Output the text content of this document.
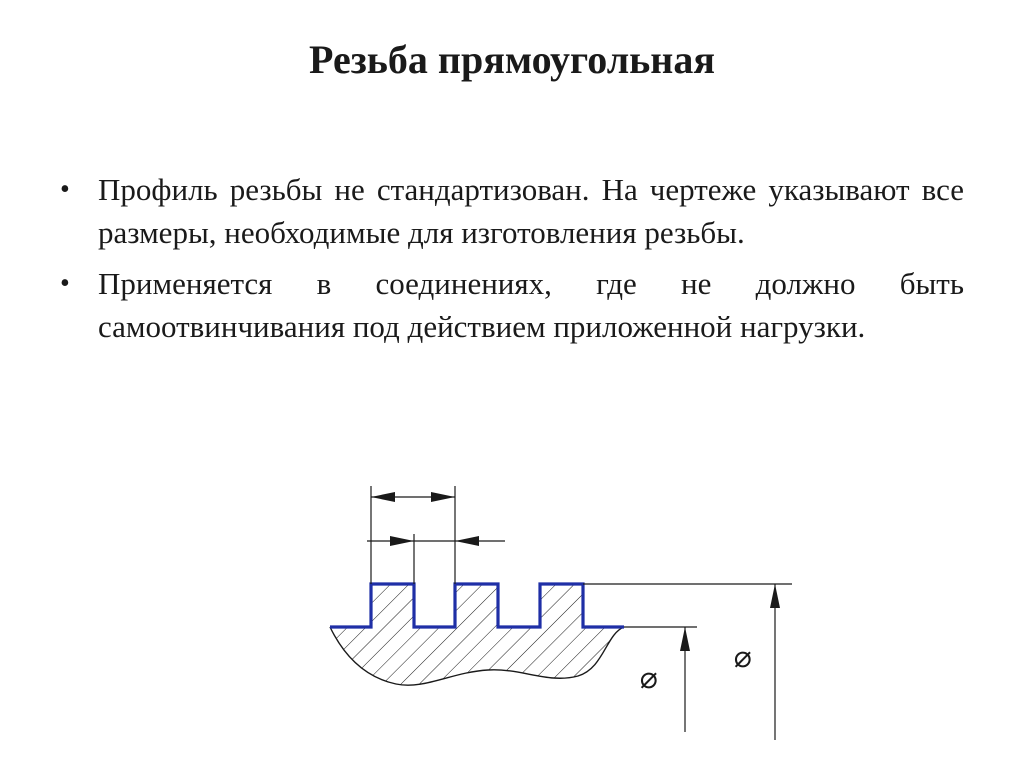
Резьба прямоугольная
• Профиль резьбы не стандартизован. На чертеже указывают все размеры, необходимые для изготовления резьбы.
• Применяется в соединениях, где не должно быть самоотвинчивания под действием приложенной нагрузки.
⌀
⌀
